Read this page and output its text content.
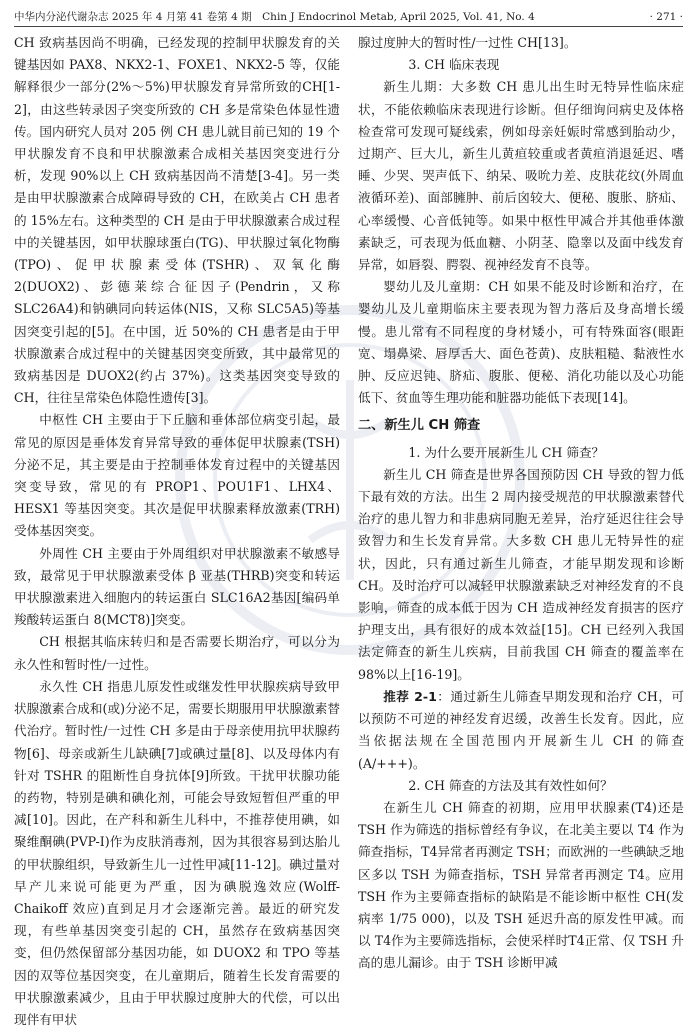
中华内分泌代谢杂志 2025 年 4 月第 41 卷第 4 期　Chin J Endocrinol Metab, April 2025, Vol. 41, No. 4	· 271 ·

CH 致病基因尚不明确，已经发现的控制甲状腺发育的关键基因如 PAX8、NKX2-1、FOXE1、NKX2-5 等，仅能解释很少一部分(2%～5%)甲状腺发育异常所致的CH[1-2]，由这些转录因子突变所致的 CH 多是常染色体显性遗传。国内研究人员对 205 例 CH 患儿就目前已知的 19 个甲状腺发育不良和甲状腺激素合成相关基因突变进行分析，发现 90%以上 CH 致病基因尚不清楚[3-4]。另一类是由甲状腺激素合成障碍导致的 CH，在欧美占 CH 患者的 15%左右。这种类型的 CH 是由于甲状腺激素合成过程中的关键基因，如甲状腺球蛋白(TG)、甲状腺过氧化物酶(TPO)、促甲状腺素受体(TSHR)、双氧化酶2(DUOX2)、彭德莱综合征因子(Pendrin，又称SLC26A4)和钠碘同向转运体(NIS，又称 SLC5A5)等基因突变引起的[5]。在中国，近 50%的 CH 患者是由于甲状腺激素合成过程中的关键基因突变所致，其中最常见的致病基因是 DUOX2(约占 37%)。这类基因突变导致的 CH，往往呈常染色体隐性遗传[3]。

中枢性 CH 主要由于下丘脑和垂体部位病变引起，最常见的原因是垂体发育异常导致的垂体促甲状腺素(TSH)分泌不足，其主要是由于控制垂体发育过程中的关键基因突变导致，常见的有 PROP1、POU1F1、LHX4、HESX1 等基因突变。其次是促甲状腺素释放激素(TRH)受体基因突变。

外周性 CH 主要由于外周组织对甲状腺激素不敏感导致，最常见于甲状腺激素受体 β 亚基(THRB)突变和转运甲状腺激素进入细胞内的转运蛋白 SLC16A2基因[编码单羧酸转运蛋白 8(MCT8)]突变。

CH 根据其临床转归和是否需要长期治疗，可以分为永久性和暂时性/一过性。

永久性 CH 指患儿原发性或继发性甲状腺疾病导致甲状腺激素合成和(或)分泌不足，需要长期服用甲状腺激素替代治疗。暂时性/一过性 CH 多是由于母亲使用抗甲状腺药物[6]、母亲或新生儿缺碘[7]或碘过量[8]、以及母体内有针对 TSHR 的阻断性自身抗体[9]所致。干扰甲状腺功能的药物，特别是碘和碘化剂，可能会导致短暂但严重的甲减[10]。因此，在产科和新生儿科中，不推荐使用碘，如聚维酮碘(PVP-I)作为皮肤消毒剂，因为其很容易到达胎儿的甲状腺组织，导致新生儿一过性甲减[11-12]。碘过量对早产儿来说可能更为严重，因为碘脱逸效应(Wolff-Chaikoff 效应)直到足月才会逐渐完善。最近的研究发现，有些单基因突变引起的 CH，虽然存在致病基因突变，但仍然保留部分基因功能，如 DUOX2 和 TPO 等基因的双等位基因突变，在儿童期后，随着生长发育需要的甲状腺激素减少，且由于甲状腺过度肿大的代偿，可以出现伴有甲状

腺过度肿大的暂时性/一过性 CH[13]。

　　3. CH 临床表现

新生儿期：大多数 CH 患儿出生时无特异性临床症状，不能依赖临床表现进行诊断。但仔细询问病史及体格检查常可发现可疑线索，例如母亲妊娠时常感到胎动少，过期产、巨大儿，新生儿黄疸较重或者黄疸消退延迟、嗜睡、少哭、哭声低下、纳呆、吸吮力差、皮肤花纹(外周血液循环差)、面部臃肿、前后囟较大、便秘、腹胀、脐疝、心率缓慢、心音低钝等。如果中枢性甲减合并其他垂体激素缺乏，可表现为低血糖、小阴茎、隐睾以及面中线发育异常，如唇裂、腭裂、视神经发育不良等。

婴幼儿及儿童期：CH 如果不能及时诊断和治疗，在婴幼儿及儿童期临床主要表现为智力落后及身高增长缓慢。患儿常有不同程度的身材矮小，可有特殊面容(眼距宽、塌鼻梁、唇厚舌大、面色苍黄)、皮肤粗糙、黏液性水肿、反应迟钝、脐疝、腹胀、便秘、消化功能以及心功能低下、贫血等生理功能和脏器功能低下表现[14]。

二、新生儿 CH 筛查

　　1. 为什么要开展新生儿 CH 筛查？

新生儿 CH 筛查是世界各国预防因 CH 导致的智力低下最有效的方法。出生 2 周内接受规范的甲状腺激素替代治疗的患儿智力和非患病同胞无差异，治疗延迟往往会导致智力和生长发育异常。大多数 CH 患儿无特异性的症状，因此，只有通过新生儿筛查，才能早期发现和诊断 CH。及时治疗可以减轻甲状腺激素缺乏对神经发育的不良影响，筛查的成本低于因为 CH 造成神经发育损害的医疗护理支出，具有很好的成本效益[15]。CH 已经列入我国法定筛查的新生儿疾病，目前我国 CH 筛查的覆盖率在 98%以上[16-19]。

推荐 2-1：通过新生儿筛查早期发现和治疗 CH，可以预防不可逆的神经发育迟缓，改善生长发育。因此，应当依据法规在全国范围内开展新生儿 CH 的筛查(A/+++)。

　　2. CH 筛查的方法及其有效性如何？

在新生儿 CH 筛查的初期，应用甲状腺素(T4)还是 TSH 作为筛选的指标曾经有争议，在北美主要以 T4 作为筛查指标，T4异常者再测定 TSH；而欧洲的一些碘缺乏地区多以 TSH 为筛查指标，TSH 异常者再测定 T4。应用 TSH 作为主要筛查指标的缺陷是不能诊断中枢性 CH(发病率 1/75 000)，以及 TSH 延迟升高的原发性甲减。而以 T4作为主要筛选指标，会使采样时T4正常、仅 TSH 升高的患儿漏诊。由于 TSH 诊断甲减
